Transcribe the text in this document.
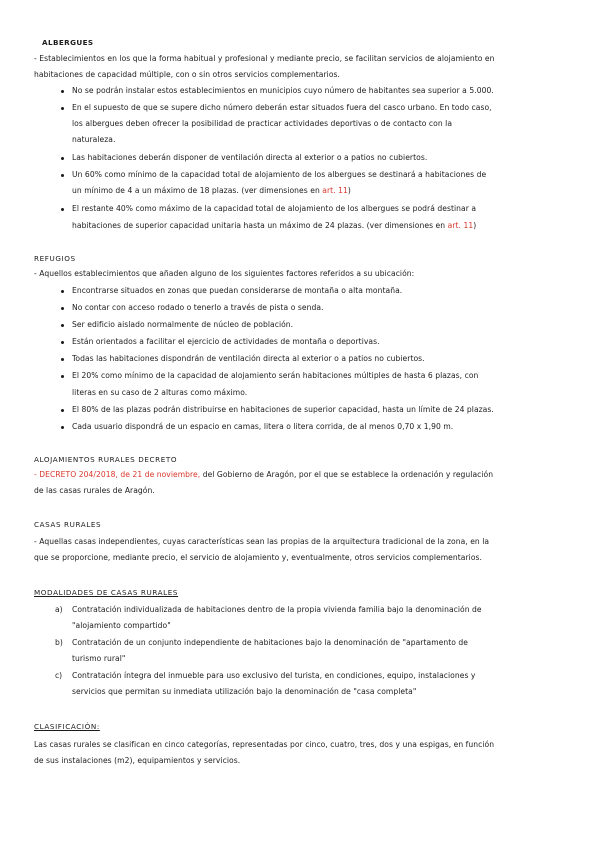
ALBERGUES
- Establecimientos en los que la forma habitual y profesional y mediante precio, se facilitan servicios de alojamiento en
habitaciones de capacidad múltiple, con o sin otros servicios complementarios.
No se podrán instalar estos establecimientos en municipios cuyo número de habitantes sea superior a 5.000.
En el supuesto de que se supere dicho número deberán estar situados fuera del casco urbano. En todo caso,
los albergues deben ofrecer la posibilidad de practicar actividades deportivas o de contacto con la
naturaleza.
Las habitaciones deberán disponer de ventilación directa al exterior o a patios no cubiertos.
Un 60% como mínimo de la capacidad total de alojamiento de los albergues se destinará a habitaciones de
un mínimo de 4 a un máximo de 18 plazas. (ver dimensiones en art. 11)
El restante 40% como máximo de la capacidad total de alojamiento de los albergues se podrá destinar a
habitaciones de superior capacidad unitaria hasta un máximo de 24 plazas. (ver dimensiones en art. 11)
REFUGIOS
- Aquellos establecimientos que añaden alguno de los siguientes factores referidos a su ubicación:
Encontrarse situados en zonas que puedan considerarse de montaña o alta montaña.
No contar con acceso rodado o tenerlo a través de pista o senda.
Ser edificio aislado normalmente de núcleo de población.
Están orientados a facilitar el ejercicio de actividades de montaña o deportivas.
Todas las habitaciones dispondrán de ventilación directa al exterior o a patios no cubiertos.
El 20% como mínimo de la capacidad de alojamiento serán habitaciones múltiples de hasta 6 plazas, con
literas en su caso de 2 alturas como máximo.
El 80% de las plazas podrán distribuirse en habitaciones de superior capacidad, hasta un límite de 24 plazas.
Cada usuario dispondrá de un espacio en camas, litera o litera corrida, de al menos 0,70 x 1,90 m.
ALOJAMIENTOS RURALES DECRETO
- DECRETO 204/2018, de 21 de noviembre, del Gobierno de Aragón, por el que se establece la ordenación y regulación
de las casas rurales de Aragón.
CASAS RURALES
- Aquellas casas independientes, cuyas características sean las propias de la arquitectura tradicional de la zona, en la
que se proporcione, mediante precio, el servicio de alojamiento y, eventualmente, otros servicios complementarios.
MODALIDADES DE CASAS RURALES
a) Contratación individualizada de habitaciones dentro de la propia vivienda familia bajo la denominación de
"alojamiento compartido"
b) Contratación de un conjunto independiente de habitaciones bajo la denominación de "apartamento de
turismo rural"
c) Contratación íntegra del inmueble para uso exclusivo del turista, en condiciones, equipo, instalaciones y
servicios que permitan su inmediata utilización bajo la denominación de "casa completa"
CLASIFICACIÓN:
Las casas rurales se clasifican en cinco categorías, representadas por cinco, cuatro, tres, dos y una espigas, en función
de sus instalaciones (m2), equipamientos y servicios.
